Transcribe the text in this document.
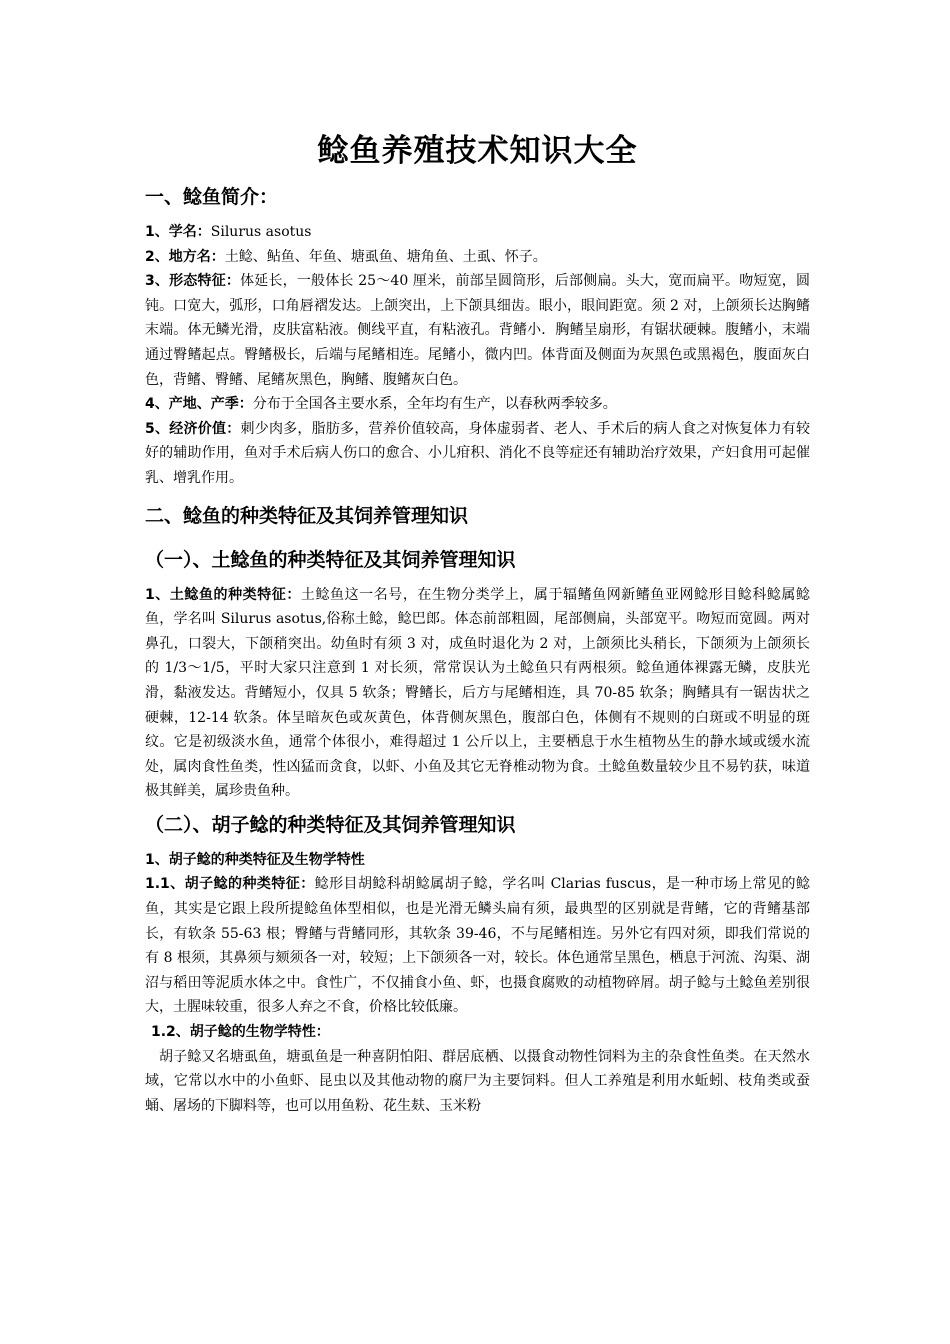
鲶鱼养殖技术知识大全
一、鲶鱼简介：

1、学名：Silurus asotus

2、地方名：土鲶、鲇鱼、年鱼、塘虱鱼、塘角鱼、土虱、怀子。

3、形态特征：体延长，一般体长 25～40 厘米，前部呈圆筒形，后部侧扁。头大，宽而扁平。吻短宽，圆钝。口宽大，弧形，口角唇褶发达。上颌突出，上下颌具细齿。眼小，眼间距宽。须 2 对，上颌须长达胸鳍末端。体无鳞光滑，皮肤富粘液。侧线平直，有粘液孔。背鳍小．胸鳍呈扇形，有锯状硬棘。腹鳍小，末端通过臀鳍起点。臀鳍极长，后端与尾鳍相连。尾鳍小，微内凹。体背面及侧面为灰黑色或黑褐色，腹面灰白色，背鳍、臀鳍、尾鳍灰黑色，胸鳍、腹鳍灰白色。

4、产地、产季：分布于全国各主要水系，全年均有生产，以春秋两季较多。

5、经济价值：刺少肉多，脂肪多，营养价值较高，身体虚弱者、老人、手术后的病人食之对恢复体力有较好的辅助作用，鱼对手术后病人伤口的愈合、小儿疳积、消化不良等症还有辅助治疗效果，产妇食用可起催乳、增乳作用。

二、鲶鱼的种类特征及其饲养管理知识
（一）、土鲶鱼的种类特征及其饲养管理知识

1、土鲶鱼的种类特征：土鲶鱼这一名号，在生物分类学上，属于辐鳍鱼网新鳍鱼亚网鲶形目鲶科鲶属鲶鱼，学名叫 Silurus asotus,俗称土鲶，鲶巴郎。体态前部粗圆，尾部侧扁，头部宽平。吻短而宽圆。两对鼻孔，口裂大，下颌稍突出。幼鱼时有须 3 对，成鱼时退化为 2 对，上颌须比头稍长，下颌须为上颌须长的 1/3～1/5，平时大家只注意到 1 对长须，常常误认为土鲶鱼只有两根须。鲶鱼通体裸露无鳞，皮肤光滑，黏液发达。背鳍短小，仅具 5 软条；臀鳍长，后方与尾鳍相连，具 70-85 软条；胸鳍具有一锯齿状之硬棘，12-14 软条。体呈暗灰色或灰黄色，体背侧灰黑色，腹部白色，体侧有不规则的白斑或不明显的斑纹。它是初级淡水鱼，通常个体很小，难得超过 1 公斤以上，主要栖息于水生植物丛生的静水域或缓水流处，属肉食性鱼类，性凶猛而贪食，以虾、小鱼及其它无脊椎动物为食。土鲶鱼数量较少且不易钓获，味道极其鲜美，属珍贵鱼种。

（二）、胡子鲶的种类特征及其饲养管理知识
1、胡子鲶的种类特征及生物学特性

1.1、胡子鲶的种类特征：鲶形目胡鲶科胡鲶属胡子鲶，学名叫 Clarias fuscus，是一种市场上常见的鲶鱼，其实是它跟上段所提鲶鱼体型相似，也是光滑无鳞头扁有须，最典型的区别就是背鳍，它的背鳍基部长，有软条 55-63 根；臀鳍与背鳍同形，其软条 39-46，不与尾鳍相连。另外它有四对须，即我们常说的有 8 根须，其鼻须与颏须各一对，较短；上下颌须各一对，较长。体色通常呈黑色，栖息于河流、沟渠、湖沼与稻田等泥质水体之中。食性广，不仅捕食小鱼、虾，也摄食腐败的动植物碎屑。胡子鲶与土鲶鱼差别很大，土腥味较重，很多人弃之不食，价格比较低廉。

1.2、胡子鲶的生物学特性：

胡子鲶又名塘虱鱼，塘虱鱼是一种喜阴怕阳、群居底栖、以摄食动物性饲料为主的杂食性鱼类。在天然水域，它常以水中的小鱼虾、昆虫以及其他动物的腐尸为主要饲料。但人工养殖是利用水蚯蚓、枝角类或蚕蛹、屠场的下脚料等，也可以用鱼粉、花生麸、玉米粉
